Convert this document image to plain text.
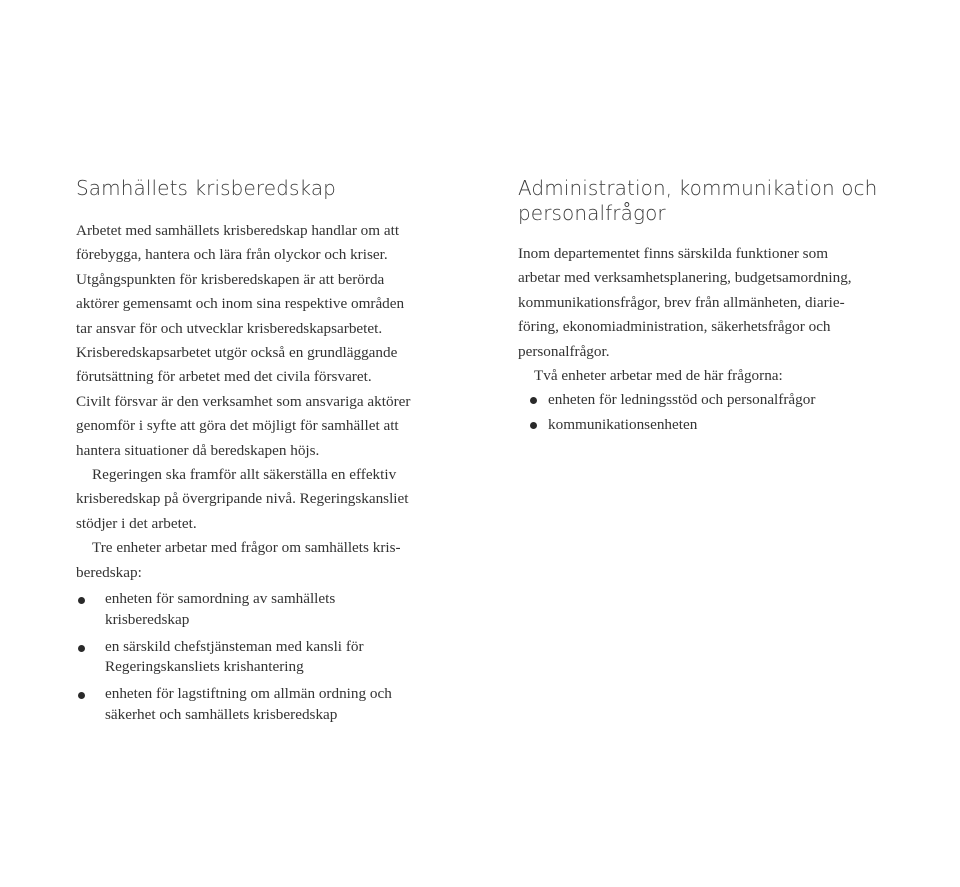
Samhällets krisberedskap

Arbetet med samhällets krisberedskap handlar om att
förebygga, hantera och lära från olyckor och kriser.
Utgångspunkten för krisberedskapen är att berörda
aktörer gemensamt och inom sina respektive områden
tar ansvar för och utvecklar krisberedskapsarbetet.
Krisberedskapsarbetet utgör också en grundläggande
förutsättning för arbetet med det civila försvaret.
Civilt försvar är den verksamhet som ansvariga aktörer
genomför i syfte att göra det möjligt för samhället att
hantera situationer då beredskapen höjs.

Regeringen ska framför allt säkerställa en effektiv
krisberedskap på övergripande nivå. Regeringskansliet
stödjer i det arbetet.

Tre enheter arbetar med frågor om samhällets kris-
beredskap:

enheten för samordning av samhällets
krisberedskap
en särskild chefstjänsteman med kansli för
Regeringskansliets krishantering
enheten för lagstiftning om allmän ordning och
säkerhet och samhällets krisberedskap
Administration, kommunikation och
personalfrågor

Inom departementet finns särskilda funktioner som
arbetar med verksamhetsplanering, budgetsamordning,
kommunikationsfrågor, brev från allmänheten, diarie-
föring, ekonomiadministration, säkerhetsfrågor och
personalfrågor.

Två enheter arbetar med de här frågorna:

enheten för ledningsstöd och personalfrågor
kommunikationsenheten
